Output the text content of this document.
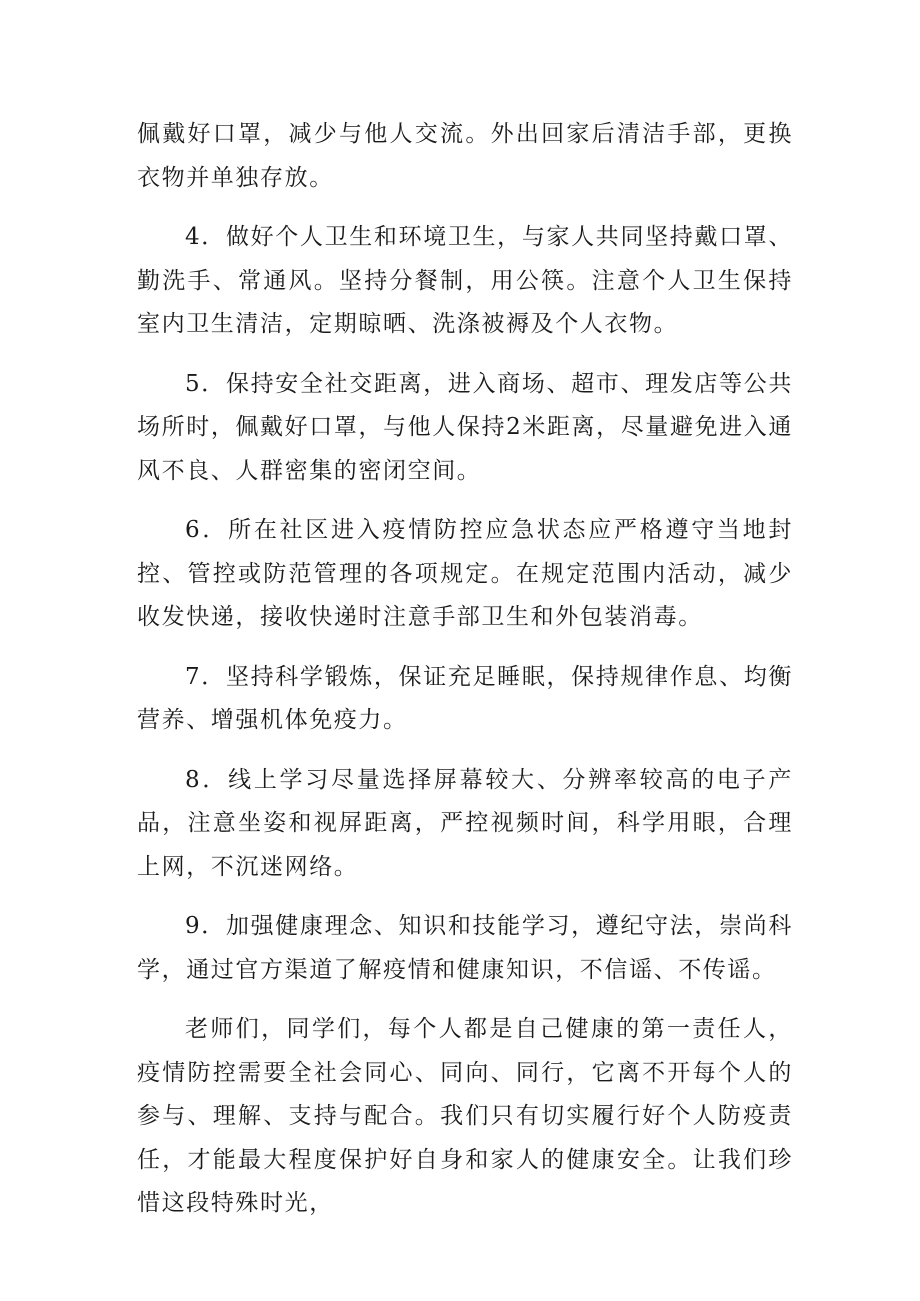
佩戴好口罩，减少与他人交流。外出回家后清洁手部，更换衣物并单独存放。

4．做好个人卫生和环境卫生，与家人共同坚持戴口罩、勤洗手、常通风。坚持分餐制，用公筷。注意个人卫生保持室内卫生清洁，定期晾晒、洗涤被褥及个人衣物。

5．保持安全社交距离，进入商场、超市、理发店等公共场所时，佩戴好口罩，与他人保持2米距离，尽量避免进入通风不良、人群密集的密闭空间。

6．所在社区进入疫情防控应急状态应严格遵守当地封控、管控或防范管理的各项规定。在规定范围内活动，减少收发快递，接收快递时注意手部卫生和外包装消毒。

7．坚持科学锻炼，保证充足睡眠，保持规律作息、均衡营养、增强机体免疫力。

8．线上学习尽量选择屏幕较大、分辨率较高的电子产品，注意坐姿和视屏距离，严控视频时间，科学用眼，合理上网，不沉迷网络。

9．加强健康理念、知识和技能学习，遵纪守法，崇尚科学，通过官方渠道了解疫情和健康知识，不信谣、不传谣。

老师们，同学们，每个人都是自己健康的第一责任人，疫情防控需要全社会同心、同向、同行，它离不开每个人的参与、理解、支持与配合。我们只有切实履行好个人防疫责任，才能最大程度保护好自身和家人的健康安全。让我们珍惜这段特殊时光，
